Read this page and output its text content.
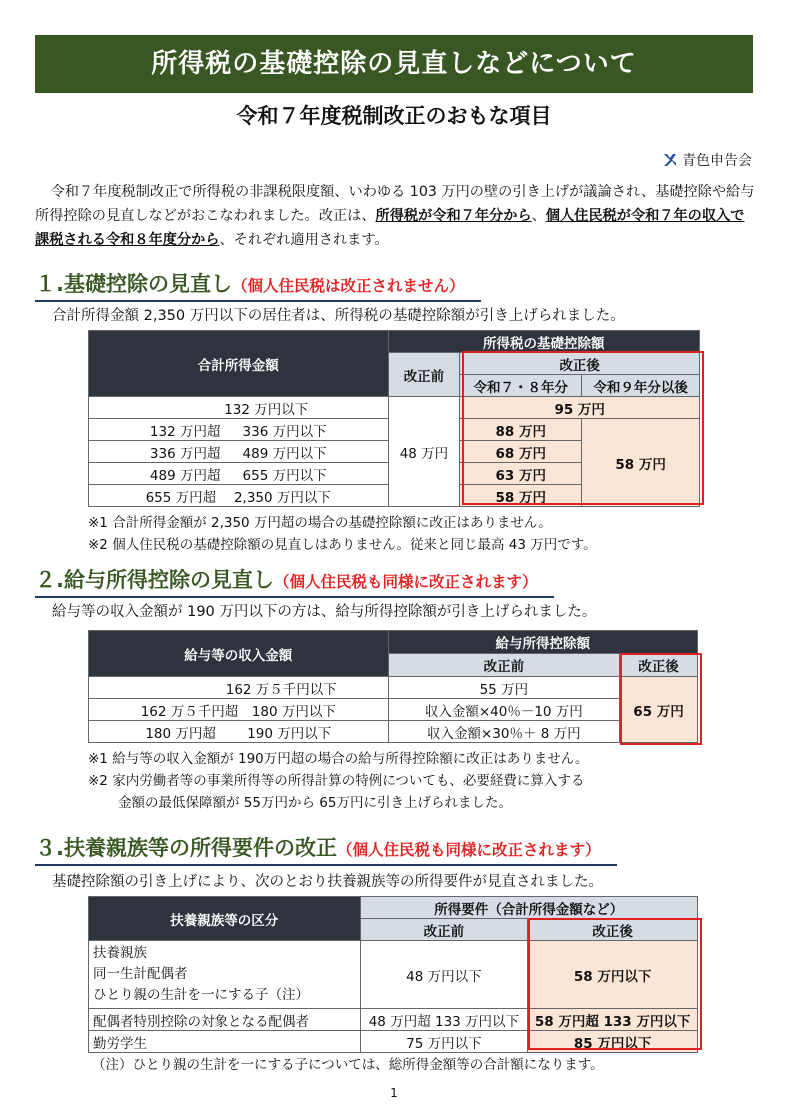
所得税の基礎控除の見直しなどについて
令和７年度税制改正のおもな項目
青色申告会

令和７年度税制改正で所得税の非課税限度額、いわゆる 103 万円の壁の引き上げが議論され、基礎控除や給与所得控除の見直しなどがおこなわれました。改正は、所得税が令和７年分から、個人住民税が令和７年の収入で課税される令和８年度分から、それぞれ適用されます。

１.基礎控除の見直し（個人住民税は改正されません）
合計所得金額 2,350 万円以下の居住者は、所得税の基礎控除額が引き上げられました。
合計所得金額	所得税の基礎控除額		
	改正前	改正後	
		令和７・８年分	令和９年分以後
132 万円以下	48 万円	95 万円	
132 万円超 　 336 万円以下		88 万円	58 万円
336 万円超 　 489 万円以下		68 万円	
489 万円超 　 655 万円以下		63 万円	
655 万円超 　2,350 万円以下		58 万円	
※1 合計所得金額が 2,350 万円超の場合の基礎控除額に改正はありません。
※2 個人住民税の基礎控除額の見直しはありません。従来と同じ最高 43 万円です。
２.給与所得控除の見直し（個人住民税も同様に改正されます）
給与等の収入金額が 190 万円以下の方は、給与所得控除額が引き上げられました。
給与等の収入金額	給与所得控除額	
	改正前	改正後
162 万５千円以下	55 万円	65 万円
162 万５千円超　180 万円以下	収入金額×40％－10 万円	
180 万円超 　　190 万円以下	収入金額×30％＋ 8 万円	
※1 給与等の収入金額が 190万円超の場合の給与所得控除額に改正はありません。
※2 家内労働者等の事業所得等の所得計算の特例についても、必要経費に算入する
金額の最低保障額が 55万円から 65万円に引き上げられました。
３.扶養親族等の所得要件の改正（個人住民税も同様に改正されます）
基礎控除額の引き上げにより、次のとおり扶養親族等の所得要件が見直されました。
扶養親族等の区分	所得要件（合計所得金額など）	
	改正前	改正後

扶養親族
同一生計配偶者
ひとり親の生計を一にする子（注）	48 万円以下	58 万円以下
配偶者特別控除の対象となる配偶者	48 万円超 133 万円以下	58 万円超 133 万円以下
勤労学生	75 万円以下	85 万円以下
（注）ひとり親の生計を一にする子については、総所得金額等の合計額になります。
1
